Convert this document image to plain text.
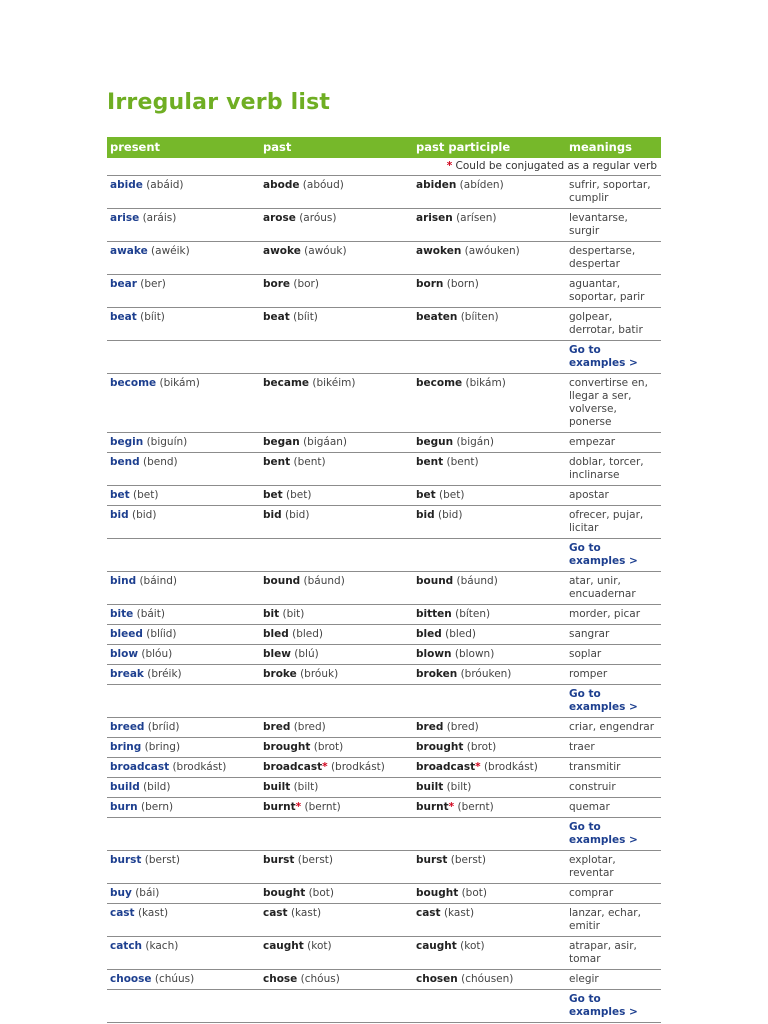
Irregular verb list
present	past	past participle	meanings
* Could be conjugated as a regular verb			
abide (abáid)	abode (abóud)	abiden (abíden)	sufrir, soportar, cumplir
arise (aráis)	arose (aróus)	arisen (arísen)	levantarse, surgir
awake (awéik)	awoke (awóuk)	awoken (awóuken)	despertarse, despertar
bear (ber)	bore (bor)	born (born)	aguantar, soportar, parir
beat (bíit)	beat (bíit)	beaten (bíiten)	golpear, derrotar, batir
			Go to examples >
become (bikám)	became (bikéim)	become (bikám)	convertirse en, llegar a ser, volverse, ponerse
begin (biguín)	began (bigáan)	begun (bigán)	empezar
bend (bend)	bent (bent)	bent (bent)	doblar, torcer, inclinarse
bet (bet)	bet (bet)	bet (bet)	apostar
bid (bid)	bid (bid)	bid (bid)	ofrecer, pujar, licitar
			Go to examples >
bind (báind)	bound (báund)	bound (báund)	atar, unir, encuadernar
bite (báit)	bit (bit)	bitten (bíten)	morder, picar
bleed (blíid)	bled (bled)	bled (bled)	sangrar
blow (blóu)	blew (blú)	blown (blown)	soplar
break (bréik)	broke (bróuk)	broken (bróuken)	romper
			Go to examples >
breed (bríid)	bred (bred)	bred (bred)	criar, engendrar
bring (bring)	brought (brot)	brought (brot)	traer
broadcast (brodkást)	broadcast* (brodkást)	broadcast* (brodkást)	transmitir
build (bild)	built (bilt)	built (bilt)	construir
burn (bern)	burnt* (bernt)	burnt* (bernt)	quemar
			Go to examples >
burst (berst)	burst (berst)	burst (berst)	explotar, reventar
buy (bái)	bought (bot)	bought (bot)	comprar
cast (kast)	cast (kast)	cast (kast)	lanzar, echar, emitir
catch (kach)	caught (kot)	caught (kot)	atrapar, asir, tomar
choose (chúus)	chose (chóus)	chosen (chóusen)	elegir
			Go to examples >
